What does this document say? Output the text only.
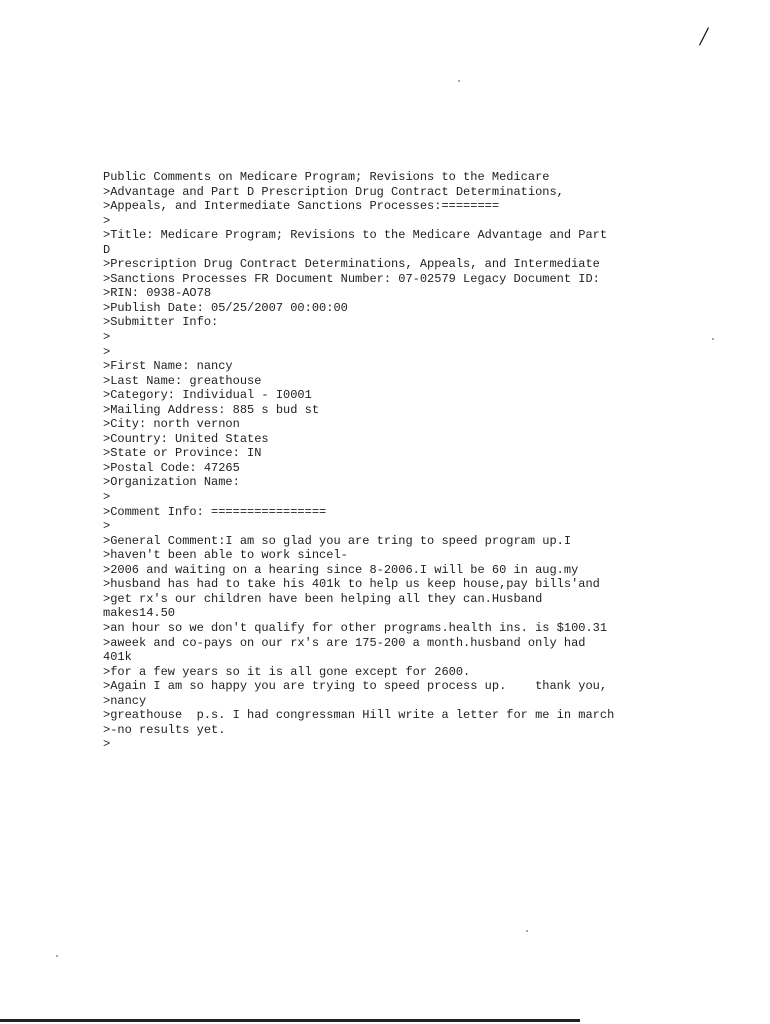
/
Public Comments on Medicare Program; Revisions to the Medicare
>Advantage and Part D Prescription Drug Contract Determinations,
>Appeals, and Intermediate Sanctions Processes:========
>
>Title: Medicare Program; Revisions to the Medicare Advantage and Part
D
>Prescription Drug Contract Determinations, Appeals, and Intermediate
>Sanctions Processes FR Document Number: 07-02579 Legacy Document ID:
>RIN: 0938-AO78
>Publish Date: 05/25/2007 00:00:00
>Submitter Info:
>
>
>First Name: nancy
>Last Name: greathouse
>Category: Individual - I0001
>Mailing Address: 885 s bud st
>City: north vernon
>Country: United States
>State or Province: IN
>Postal Code: 47265
>Organization Name:
>
>Comment Info: ================
>
>General Comment:I am so glad you are tring to speed program up.I
>haven't been able to work sincel-
>2006 and waiting on a hearing since 8-2006.I will be 60 in aug.my
>husband has had to take his 401k to help us keep house,pay bills'and
>get rx's our children have been helping all they can.Husband
makes14.50
>an hour so we don't qualify for other programs.health ins. is $100.31
>aweek and co-pays on our rx's are 175-200 a month.husband only had
401k
>for a few years so it is all gone except for 2600.
>Again I am so happy you are trying to speed process up.    thank you,
>nancy
>greathouse  p.s. I had congressman Hill write a letter for me in march
>-no results yet.
>
